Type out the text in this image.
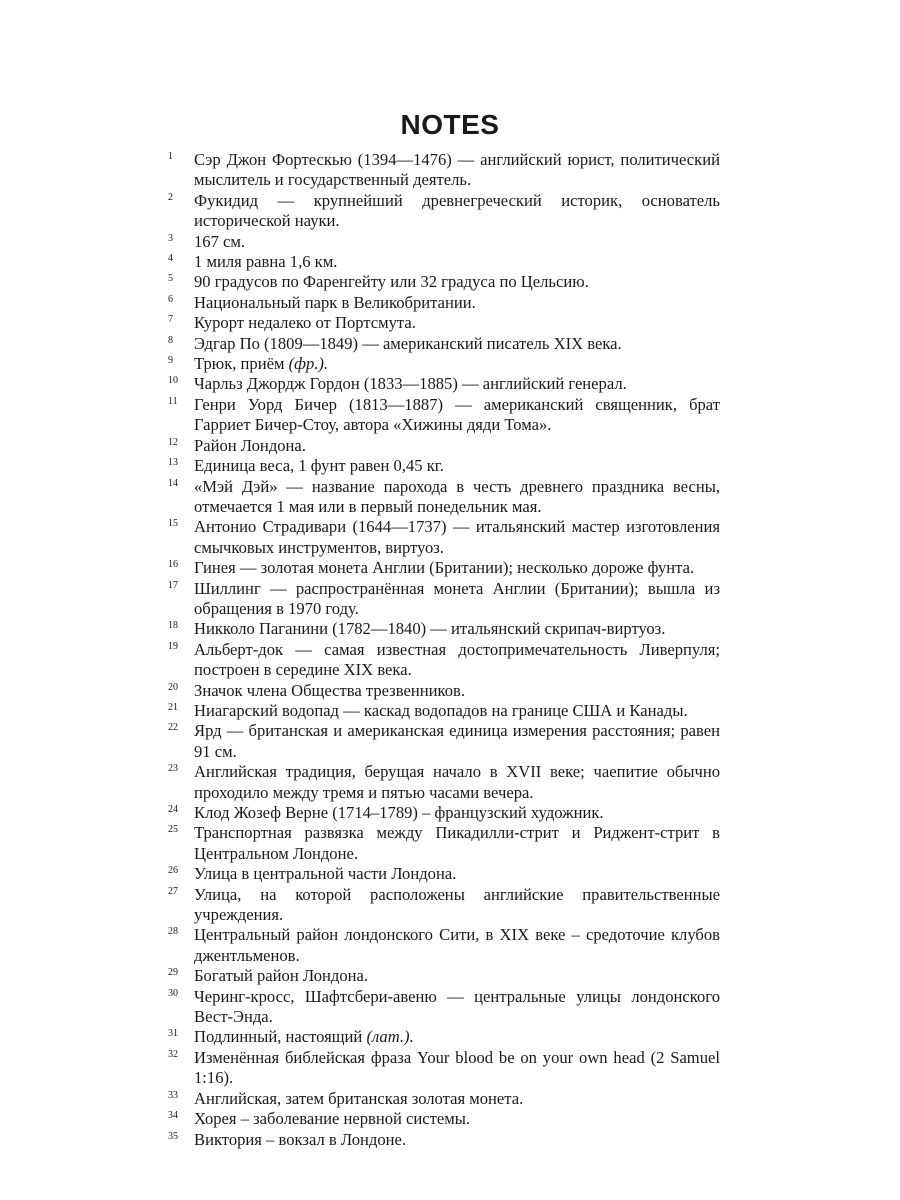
NOTES
1 Сэр Джон Фортескью (1394—1476) — английский юрист, политический мыслитель и государственный деятель.
2 Фукидид — крупнейший древнегреческий историк, основатель исторической науки.
3 167 см.
4 1 миля равна 1,6 км.
5 90 градусов по Фаренгейту или 32 градуса по Цельсию.
6 Национальный парк в Великобритании.
7 Курорт недалеко от Портсмута.
8 Эдгар По (1809—1849) — американский писатель XIX века.
9 Трюк, приём (фр.).
10 Чарльз Джордж Гордон (1833—1885) — английский генерал.
11 Генри Уорд Бичер (1813—1887) — американский священник, брат Гарриет Бичер-Стоу, автора «Хижины дяди Тома».
12 Район Лондона.
13 Единица веса, 1 фунт равен 0,45 кг.
14 «Мэй Дэй» — название парохода в честь древнего праздника весны, отмечается 1 мая или в первый понедельник мая.
15 Антонио Страдивари (1644—1737) — итальянский мастер изготовления смычковых инструментов, виртуоз.
16 Гинея — золотая монета Англии (Британии); несколько дороже фунта.
17 Шиллинг — распространённая монета Англии (Британии); вышла из обращения в 1970 году.
18 Никколо Паганини (1782—1840) — итальянский скрипач-виртуоз.
19 Альберт-док — самая известная достопримечательность Ливерпуля; построен в середине XIX века.
20 Значок члена Общества трезвенников.
21 Ниагарский водопад — каскад водопадов на границе США и Канады.
22 Ярд — британская и американская единица измерения расстояния; равен 91 см.
23 Английская традиция, берущая начало в XVII веке; чаепитие обычно проходило между тремя и пятью часами вечера.
24 Клод Жозеф Верне (1714–1789) – французский художник.
25 Транспортная развязка между Пикадилли-стрит и Риджент-стрит в Центральном Лондоне.
26 Улица в центральной части Лондона.
27 Улица, на которой расположены английские правительственные учреждения.
28 Центральный район лондонского Сити, в XIX веке – средоточие клубов джентльменов.
29 Богатый район Лондона.
30 Черинг-кросс, Шафтсбери-авеню — центральные улицы лондонского Вест-Энда.
31 Подлинный, настоящий (лат.).
32 Изменённая библейская фраза Your blood be on your own head (2 Samuel 1:16).
33 Английская, затем британская золотая монета.
34 Хорея – заболевание нервной системы.
35 Виктория – вокзал в Лондоне.
